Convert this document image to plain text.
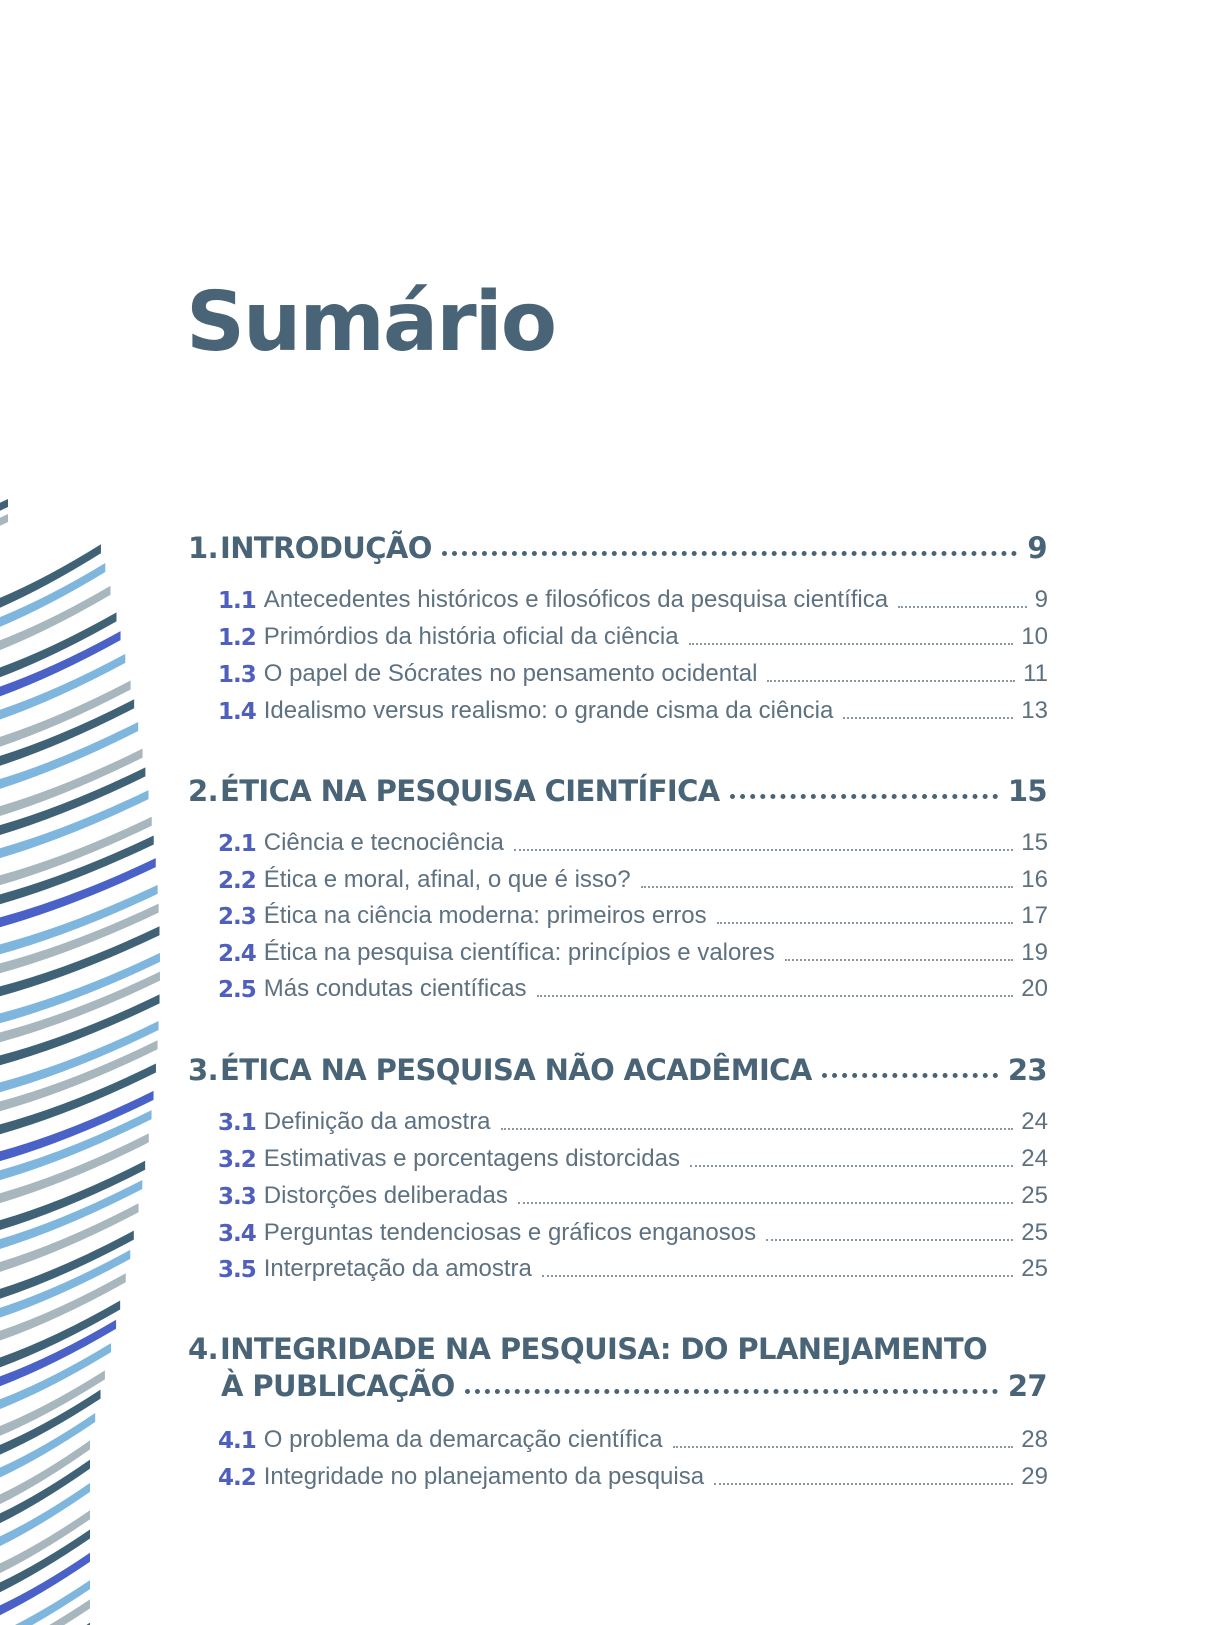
Sumário
1. INTRODUÇÃO	9
1.1 Antecedentes históricos e filosóficos da pesquisa científica	9
1.2 Primórdios da história oficial da ciência	10
1.3 O papel de Sócrates no pensamento ocidental	11
1.4 Idealismo versus realismo: o grande cisma da ciência	13
2. ÉTICA NA PESQUISA CIENTÍFICA	15
2.1 Ciência e tecnociência	15
2.2 Ética e moral, afinal, o que é isso?	16
2.3 Ética na ciência moderna: primeiros erros	17
2.4 Ética na pesquisa científica: princípios e valores	19
2.5 Más condutas científicas	20
3. ÉTICA NA PESQUISA NÃO ACADÊMICA	23
3.1 Definição da amostra	24
3.2 Estimativas e porcentagens distorcidas	24
3.3 Distorções deliberadas	25
3.4 Perguntas tendenciosas e gráficos enganosos	25
3.5 Interpretação da amostra	25
4. INTEGRIDADE NA PESQUISA: DO PLANEJAMENTO
À PUBLICAÇÃO	27
4.1 O problema da demarcação científica	28
4.2 Integridade no planejamento da pesquisa	29
